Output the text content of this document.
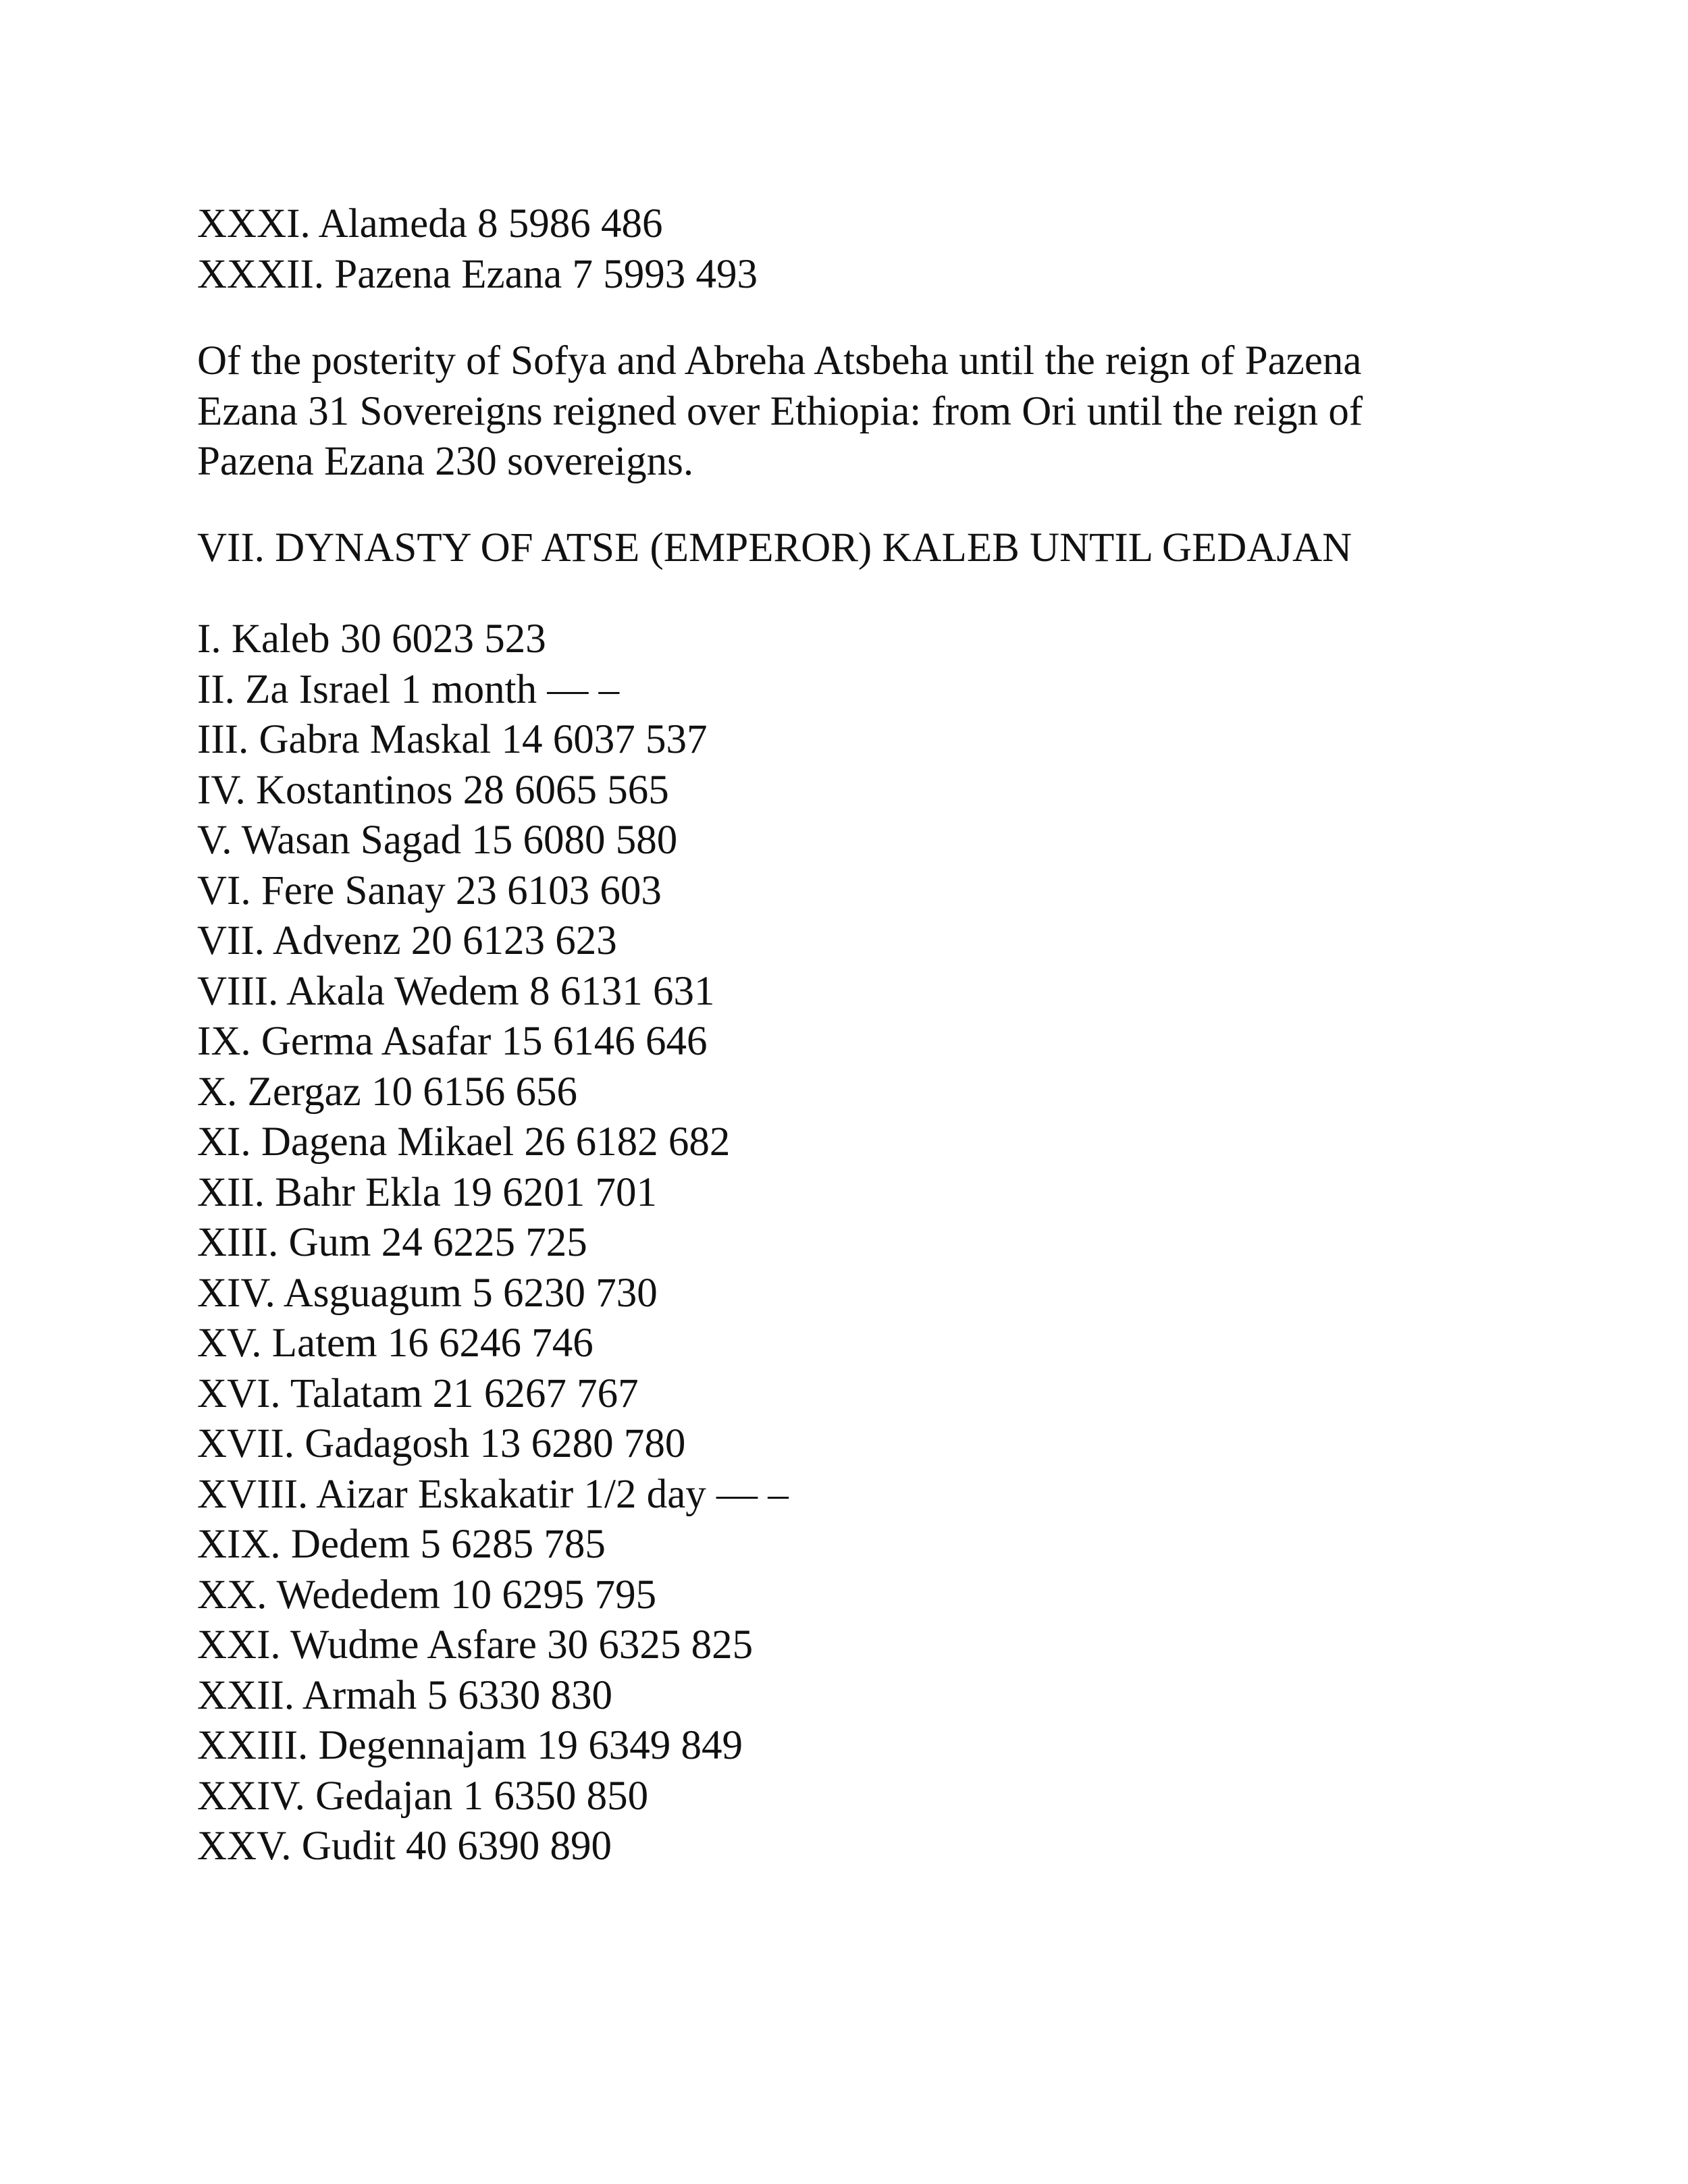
XXXI. Alameda 8 5986 486
XXXII. Pazena Ezana 7 5993 493

Of the posterity of Sofya and Abreha Atsbeha until the reign of Pazena
Ezana 31 Sovereigns reigned over Ethiopia: from Ori until the reign of
Pazena Ezana 230 sovereigns.

VII. DYNASTY OF ATSE (EMPEROR) KALEB UNTIL GEDAJAN
I. Kaleb 30 6023 523
II. Za Israel 1 month — –
III. Gabra Maskal 14 6037 537
IV. Kostantinos 28 6065 565
V. Wasan Sagad 15 6080 580
VI. Fere Sanay 23 6103 603
VII. Advenz 20 6123 623
VIII. Akala Wedem 8 6131 631
IX. Germa Asafar 15 6146 646
X. Zergaz 10 6156 656
XI. Dagena Mikael 26 6182 682
XII. Bahr Ekla 19 6201 701
XIII. Gum 24 6225 725
XIV. Asguagum 5 6230 730
XV. Latem 16 6246 746
XVI. Talatam 21 6267 767
XVII. Gadagosh 13 6280 780
XVIII. Aizar Eskakatir 1/2 day — –
XIX. Dedem 5 6285 785
XX. Wededem 10 6295 795
XXI. Wudme Asfare 30 6325 825
XXII. Armah 5 6330 830
XXIII. Degennajam 19 6349 849
XXIV. Gedajan 1 6350 850
XXV. Gudit 40 6390 890
